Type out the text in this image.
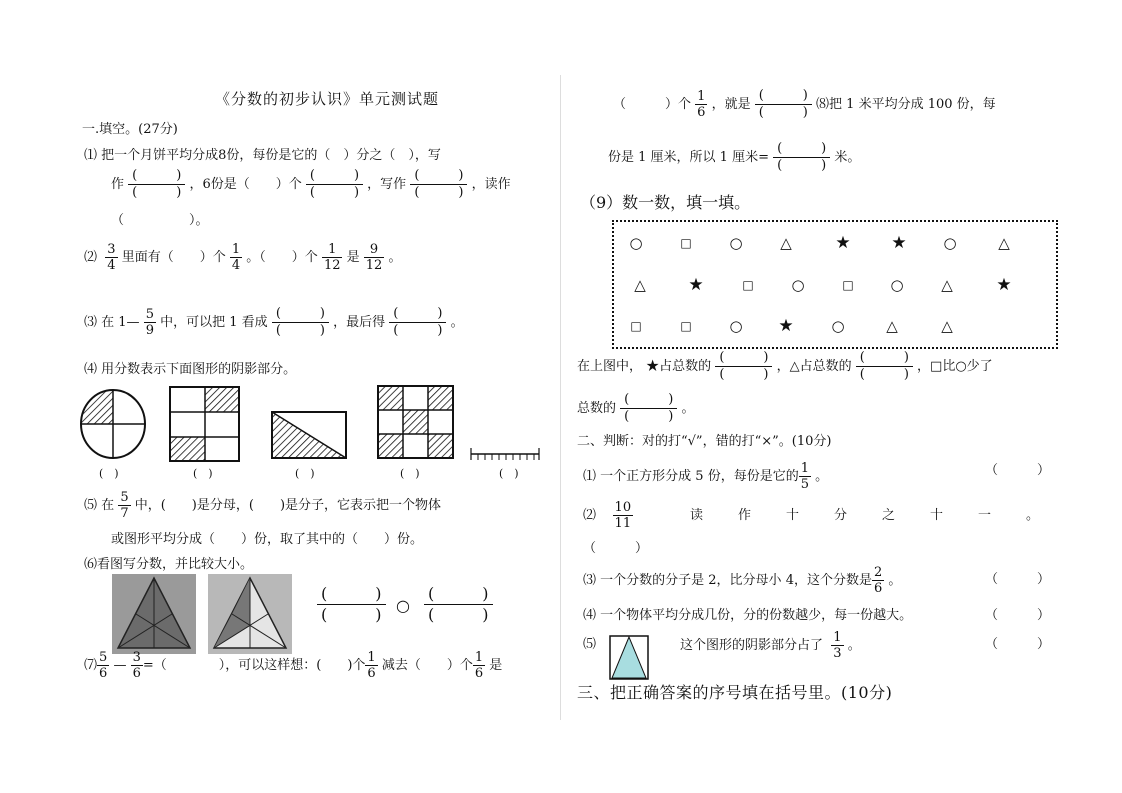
《分数的初步认识》单元测试题
一.填空。(27分)
⑴ 把一个月饼平均分成8份，每份是它的（　）分之（　），写
作 $\frac{( )}{( )}$ ，6份是（　　）个 $\frac{( )}{( )}$ ，写作 $\frac{( )}{( )}$ ，读作
（　　　　　）。
⑵ $\frac{3}{4}$ 里面有（　　）个 $\frac{1}{4}$ 。（　　）个 $\frac{1}{12}$ 是 $\frac{9}{12}$ 。
⑶ 在 1— $\frac{5}{9}$ 中，可以把 1 看成 $\frac{( )}{( )}$ ，最后得 $\frac{( )}{( )}$ 。
⑷ 用分数表示下面图形的阴影部分。
(　)	(　)	(　)	(　)	(　)
⑸ 在 $\frac{5}{7}$ 中，(　　)是分母，(　　)是分子，它表示把一个物体
或图形平均分成（　　）份，取了其中的（　　）份。
⑹看图写分数，并比较大小。
$\frac{( )}{( )}$ ○ $\frac{( )}{( )}$
⑺ $\frac{5}{6}$ — $\frac{3}{6}$ =（　　　　），可以这样想：(　　)个 $\frac{1}{6}$ 减去（　　）个 $\frac{1}{6}$ 是
（　　　）个 $\frac{1}{6}$ ，就是 $\frac{( )}{( )}$ ⑻把 1 米平均分成 100 份，每
份是 1 厘米，所以 1 厘米= $\frac{( )}{( )}$ 米。
（9）数一数，填一填。
○	□	○	△	★ ★ ○	△
△	★	□	○	□ ○	△	★
□	□	○ ★	○	△	△
在上图中， ★占总数的 $\frac{( )}{( )}$ ，△占总数的 $\frac{( )}{( )}$ ，□比○少了
总数的 $\frac{( )}{( )}$ 。
二、判断：对的打“√”，错的打“×”。(10分)
⑴ 一个正方形分成 5 份，每份是它的 $\frac{1}{5}$ 。	（　　　）
⑵ $\frac{10}{11}$	读	作	十	分	之	十	一	。
（　　　）
⑶ 一个分数的分子是 2，比分母小 4，这个分数是 $\frac{2}{6}$ 。	（　　　）
⑷ 一个物体平均分成几份，分的份数越少，每一份越大。	（　　　）
⑸	这个图形的阴影部分占了 $\frac{1}{3}$ 。	（　　　）
三、把正确答案的序号填在括号里。(10分)
